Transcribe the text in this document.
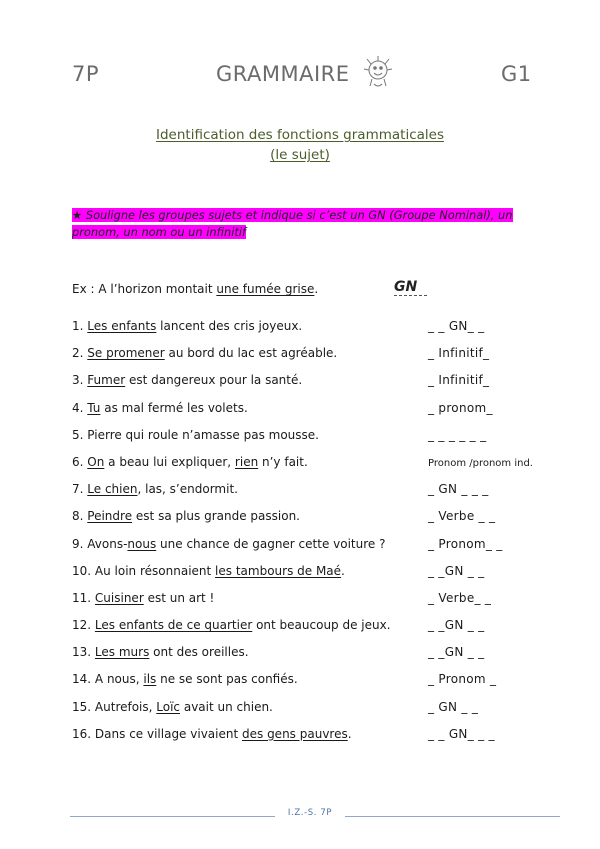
7P	GRAMMAIRE	G1
Identification des fonctions grammaticales
(le sujet)
★ Souligne les groupes sujets et indique si c’est un GN (Groupe Nominal), un pronom, un nom ou un infinitif
Ex : A l’horizon montait une fumée grise.	GN
1. Les enfants lancent des cris joyeux.	_ _ GN_ _
2. Se promener au bord du lac est agréable.	_ Infinitif_
3. Fumer est dangereux pour la santé.	_ Infinitif_
4. Tu as mal fermé les volets.	_ pronom_
5. Pierre qui roule n’amasse pas mousse.	_ _ _ _ _ _
6. On a beau lui expliquer, rien n’y fait.	Pronom /pronom ind.
7. Le chien, las, s’endormit.	_ GN _ _ _
8. Peindre est sa plus grande passion.	_ Verbe _ _
9. Avons-nous une chance de gagner cette voiture ?	_ Pronom_ _
10. Au loin résonnaient les tambours de Maé.	_ _GN _ _
11. Cuisiner est un art !	_ Verbe_ _
12. Les enfants de ce quartier ont beaucoup de jeux.	_ _GN _ _
13. Les murs ont des oreilles.	_ _GN _ _
14. A nous, ils ne se sont pas confiés.	_ Pronom _
15. Autrefois, Loïc avait un chien.	_ GN _ _
16. Dans ce village vivaient des gens pauvres.	_ _ GN_ _ _
I.Z.-S. 7P
